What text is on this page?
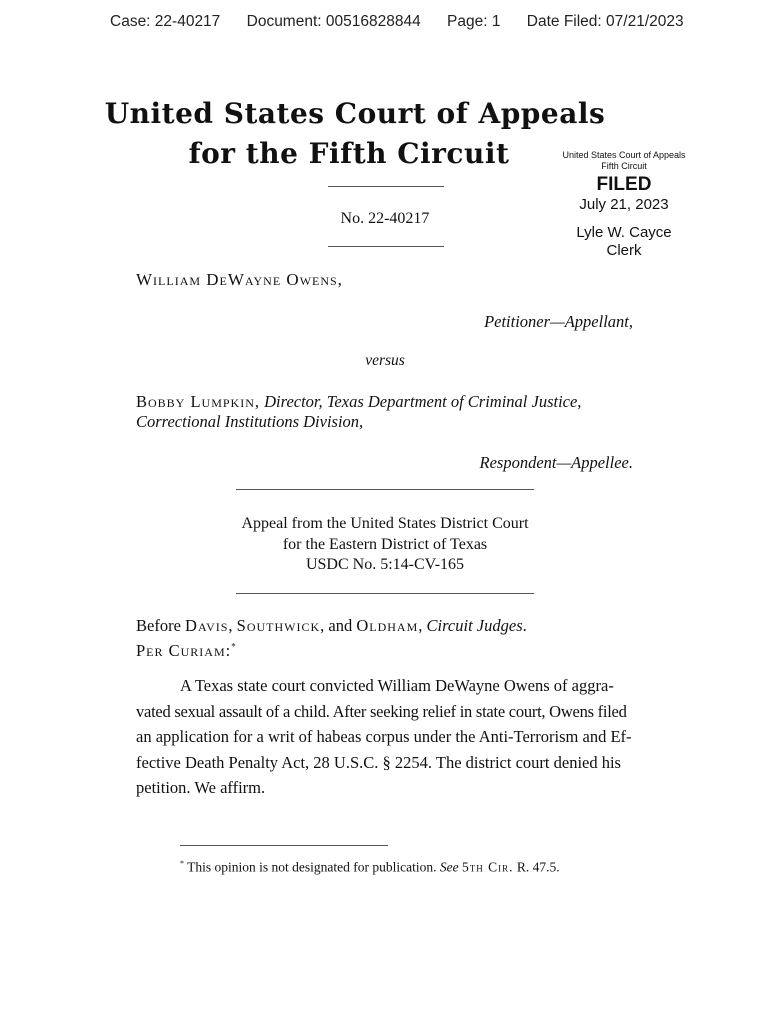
Case: 22-40217 Document: 00516828844 Page: 1 Date Filed: 07/21/2023
United States Court of Appeals
for the Fifth Circuit	United States Court of Appeals
Fifth Circuit
FILED
July 21, 2023
Lyle W. Cayce
Clerk
No. 22-40217
William DeWayne Owens,
Petitioner—Appellant,
versus
Bobby Lumpkin, Director, Texas Department of Criminal Justice,
Correctional Institutions Division,
Respondent—Appellee.
Appeal from the United States District Court
for the Eastern District of Texas
USDC No. 5:14-CV-165
Before Davis, Southwick, and Oldham, Circuit Judges.
Per Curiam:*

A Texas state court convicted William DeWayne Owens of aggra-

vated sexual assault of a child. After seeking relief in state court, Owens filed

an application for a writ of habeas corpus under the Anti-Terrorism and Ef-

fective Death Penalty Act, 28 U.S.C. § 2254. The district court denied his

petition. We affirm.

* This opinion is not designated for publication. See 5th Cir. R. 47.5.
